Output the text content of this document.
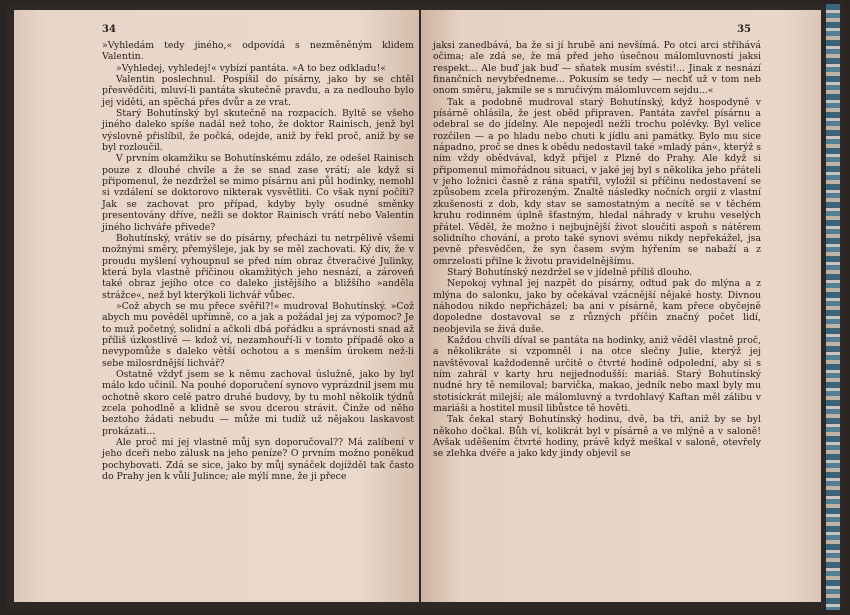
34

»Vyhledám tedy jiného,« odpovídá s nezměněným klidem Valentin.

»Vyhledej, vyhledej!« vybízí pantáta. »A to bez odkladu!«

Valentin poslechnul. Pospíšil do písárny, jako by se chtěl přesvědčiti, mluví-li pantáta skutečně pravdu, a za nedlouho bylo jej viděti, an spěchá přes dvůr a ze vrat.

Starý Bohutínský byl skutečně na rozpacích. Byltě se všeho jiného daleko spíše nadál než toho, že doktor Rainisch, jenž byl výslovně přislíbil, že počká, odejde, aniž by řekl proč, aniž by se byl rozloučil.

V prvním okamžiku se Bohutínskému zdálo, ze odešel Rainisch pouze z dlouhé chvíle a že se snad zase vrátí; ale když si připomenul, že nezdržel se mimo písárnu ani půl hodinky, nemohl si vzdálení se doktorovo nikterak vysvětliti. Co však nyní počíti? Jak se zachovat pro případ, kdyby byly osudné směnky presentovány dříve, nežli se doktor Rainisch vrátí nebo Valentin jiného lichváře přivede?

Bohutínský, vrátiv se do písárny, přecházi tu netrpělivě všemi možnými směry, přemýšleje, jak by se měl zachovati. Ký div, že v proudu myšlení vyhoupnul se před ním obraz čtveračivé Julinky, která byla vlastně příčinou okamžitých jeho nesnází, a zároveň také obraz jejího otce co daleko jistějšího a bližšího »anděla strážce«, než byl kterýkoli lichvář vůbec.

»Což abych se mu přece svěřil?!« mudroval Bohutínský. »Což abych mu pověděl upřímně, co a jak a požádal jej za výpomoc? Je to muž početný, solidní a ačkoli dbá pořádku a správnosti snad až příliš úzkostlivě — kdož ví, nezamhouří-li v tomto případě oko a nevypomůže s daleko větší ochotou a s menším úrokem než-li sebe milosrdnější lichvář?

Ostatně vždyť jsem se k němu zachoval úslužně, jako by byl málo kdo učinil. Na pouhé doporučení synovo vyprázdnil jsem mu ochotně skoro celé patro druhé budovy, by tu mohl několik týdnů zcela pohodlně a klidně se svou dcerou strávit. Činže od něho beztoho žádati nebudu — může mi tudíž už nějakou laskavost prokázati...

Ale proč mi jej vlastně můj syn doporučoval?? Má zalíbení v jeho dceři nebo zálusk na jeho peníze? O prvním možno poněkud pochybovati. Zdá se sice, jako by můj synáček dojížděl tak často do Prahy jen k vůli Julince; ale mýlí mne, že ji přece

35

jaksi zanedbává, ba že si jí hrubě ani nevšímá. Po otci arci střihává očima; ale zdá se, že má před jeho úsečnou málomluvností jaksi respekt... Ale buď jak buď — sňatek musím svésti!... Jinak z nesnází finančních nevybředneme... Pokusím se tedy — nechť už v tom neb onom směru, jakmile se s mručivým málomluvcem sejdu...«

Tak a podobně mudroval starý Bohutínský, když hospodyně v písárně ohlásila, že jest oběd připraven. Pantáta zavřel písárnu a odebral se do jídelny. Ale nepojedl nežli trochu polévky. Byl velice rozčilen — a po hladu nebo chuti k jídlu ani památky. Bylo mu sice nápadno, proč se dnes k obědu nedostavil také »mladý pán«, kterýž s ním vždy obědvával, když přijel z Plzně do Prahy. Ale když si připomenul mimořádnou situaci, v jaké jej byl s několika jeho přáteli v jeho ložnici časně z rána spatřil, vyložil si příčinu nedostavení se způsobem zcela přirozeným. Znaltě následky nočních orgií z vlastní zkušenosti z dob, kdy stav se samostatným a necítě se v těchém kruhu rodinném úplně šťastným, hledal náhrady v kruhu veselých přátel. Věděl, že možno i nejbujnější život sloučiti aspoň s nátěrem solidního chování, a proto také synovi svému nikdy nepřekážel, jsa pevně přesvědčen, že syn časem svým hýřením se nabaží a z omrzelosti přilne k životu pravidelnějšímu.

Starý Bohutínský nezdržel se v jídelně příliš dlouho.

Nepokoj vyhnal jej nazpět do písárny, odtud pak do mlýna a z mlýna do salonku, jako by očekával vzácnější nějaké hosty. Divnou náhodou nikdo nepřicházel; ba ani v písárně, kam přece obyčejně dopoledne dostavoval se z různých příčin značný počet lidí, neobjevila se živá duše.

Každou chvíli díval se pantáta na hodinky, aniž věděl vlastně proč, a několikráte si vzpomněl i na otce slečny Julie, kterýž jej navštěvoval každodenně určitě o čtvrté hodině odpolední, aby si s ním zahrál v karty hru nejjednodušší: mariáš. Starý Bohutínský nudné hry tě nemiloval; barvička, makao, jedník nebo maxl byly mu stotisíckrát milejší; ale málomluvný a tvrdohlavý Kaftan měl zálibu v mariáši a hostitel musil libůstce tě hověti.

Tak čekal starý Bohutínský hodinu, dvě, ba tři, aniž by se byl někoho dočkal. Bůh ví, kolikrát byl v písárně a ve mlýně a v saloně! Avšak uděšením čtvrté hodiny, právě když meškal v saloně, otevřely se zlehka dvéře a jako kdy jindy objevil se
